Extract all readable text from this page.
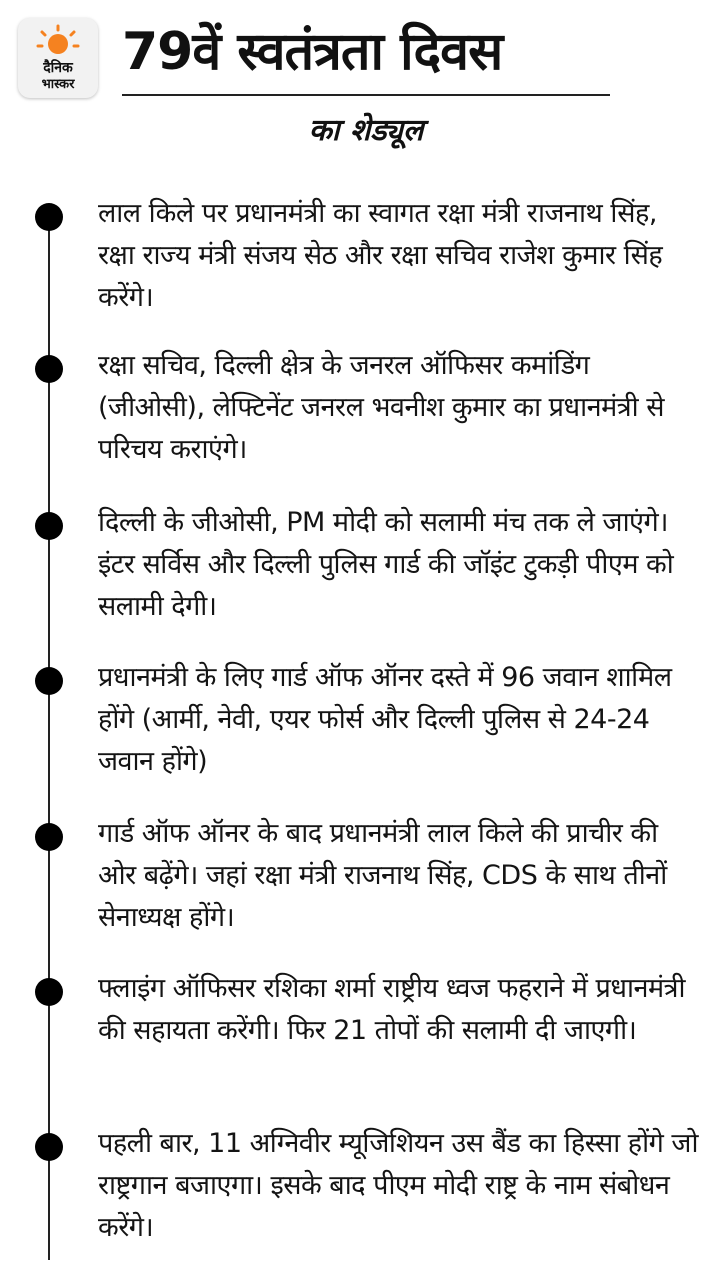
दैनिक
भास्कर
79वें स्वतंत्रता दिवस
का शेड्यूल
लाल किले पर प्रधानमंत्री का स्वागत रक्षा मंत्री राजनाथ सिंह, रक्षा राज्य मंत्री संजय सेठ और रक्षा सचिव राजेश कुमार सिंह करेंगे।
रक्षा सचिव, दिल्ली क्षेत्र के जनरल ऑफिसर कमांडिंग (जीओसी), लेफ्टिनेंट जनरल भवनीश कुमार का प्रधानमंत्री से परिचय कराएंगे।
दिल्ली के जीओसी, PM मोदी को सलामी मंच तक ले जाएंगे। इंटर सर्विस और दिल्ली पुलिस गार्ड की जॉइंट टुकड़ी पीएम को सलामी देगी।
प्रधानमंत्री के लिए गार्ड ऑफ ऑनर दस्ते में 96 जवान शामिल होंगे (आर्मी, नेवी, एयर फोर्स और दिल्ली पुलिस से 24-24 जवान होंगे)
गार्ड ऑफ ऑनर के बाद प्रधानमंत्री लाल किले की प्राचीर की ओर बढ़ेंगे। जहां रक्षा मंत्री राजनाथ सिंह, CDS के साथ तीनों सेनाध्यक्ष होंगे।
फ्लाइंग ऑफिसर रशिका शर्मा राष्ट्रीय ध्वज फहराने में प्रधानमंत्री की सहायता करेंगी। फिर 21 तोपों की सलामी दी जाएगी।
पहली बार, 11 अग्निवीर म्यूजिशियन उस बैंड का हिस्सा होंगे जो राष्ट्रगान बजाएगा। इसके बाद पीएम मोदी राष्ट्र के नाम संबोधन करेंगे।
